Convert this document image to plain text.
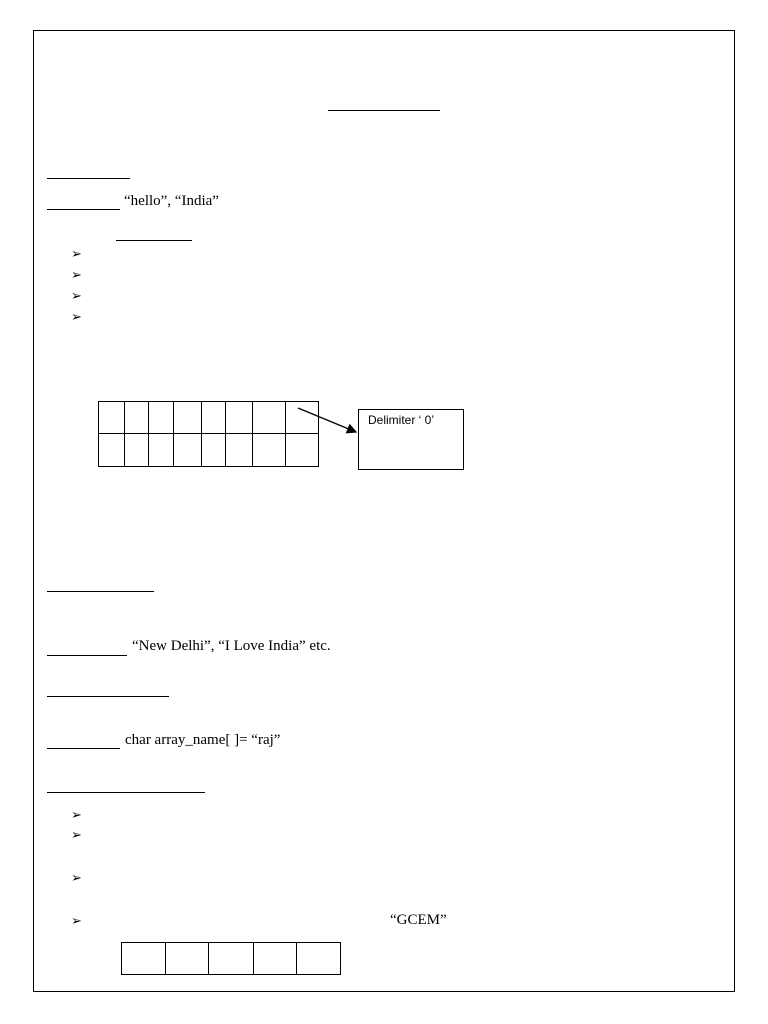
“hello”, “India”
➢
➢
➢
➢

Delimiter ‘ 0’
“New Delhi”, “I Love India” etc.
char array_name[ ]= “raj”
➢
➢
➢
➢	“GCEM”
